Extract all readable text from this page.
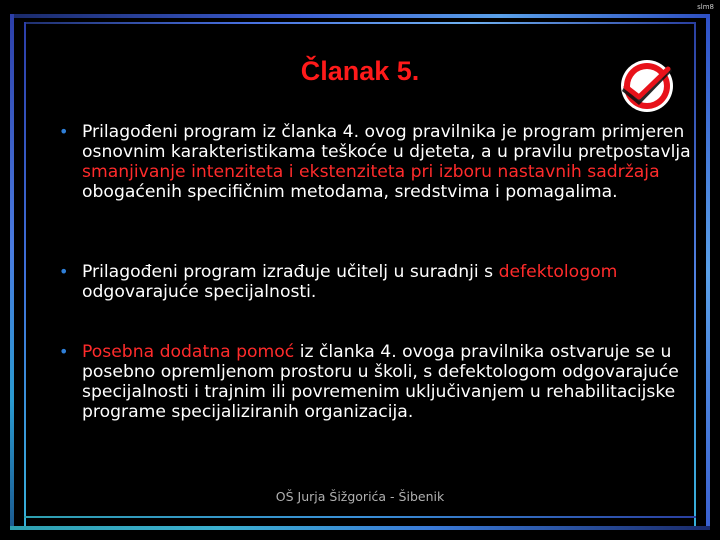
slm8
Članak 5.
• Prilagođeni program iz članka 4. ovog pravilnika je program primjeren osnovnim karakteristikama teškoće u djeteta, a u pravilu pretpostavlja smanjivanje intenziteta i ekstenziteta pri izboru nastavnih sadržaja obogaćenih specifičnim metodama, sredstvima i pomagalima.
• Prilagođeni program izrađuje učitelj u suradnji s defektologom odgovarajuće specijalnosti.
• Posebna dodatna pomoć iz članka 4. ovoga pravilnika ostvaruje se u posebno opremljenom prostoru u školi, s defektologom odgovarajuće specijalnosti i trajnim ili povremenim uključivanjem u rehabilitacijske programe specijaliziranih organizacija.
OŠ Jurja Šižgorića - Šibenik
